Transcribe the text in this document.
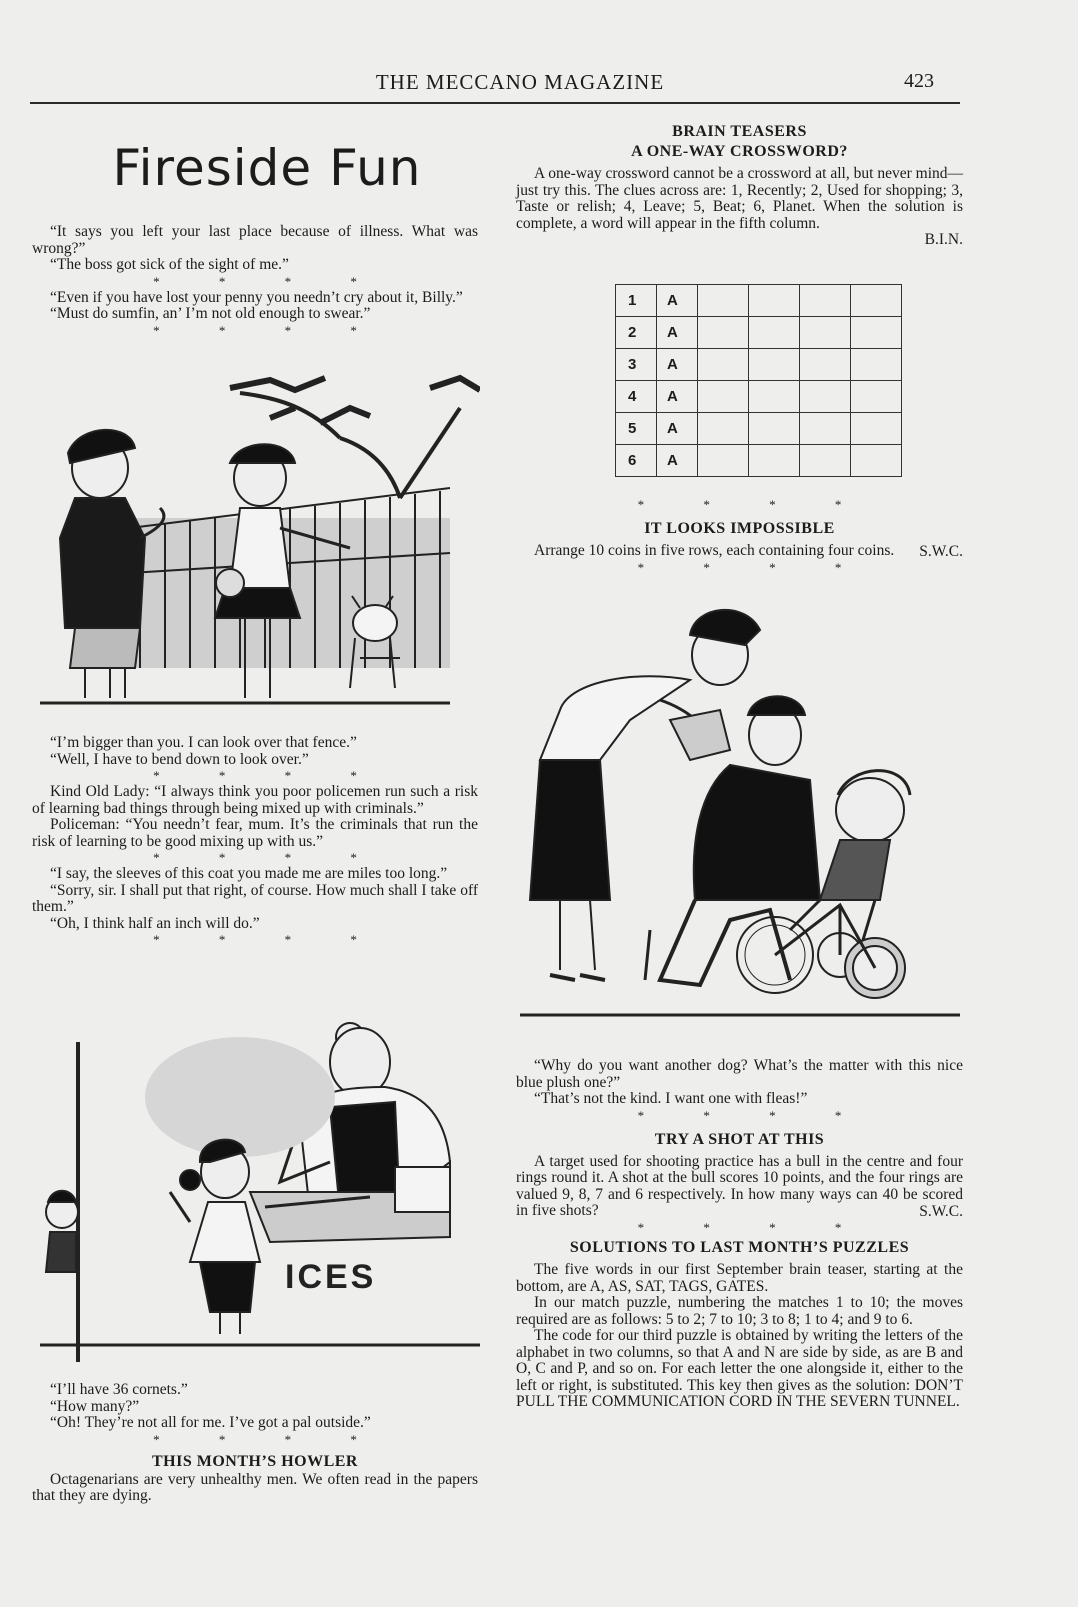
THE MECCANO MAGAZINE	423
Fireside Fun

“It says you left your last place because of illness. What was wrong?”

“The boss got sick of the sight of me.”

* * * *

“Even if you have lost your penny you needn’t cry about it, Billy.”

“Must do sumfin, an’ I’m not old enough to swear.”

* * * *

“I’m bigger than you. I can look over that fence.”

“Well, I have to bend down to look over.”

* * * *

Kind Old Lady: “I always think you poor policemen run such a risk of learning bad things through being mixed up with criminals.”

Policeman: “You needn’t fear, mum. It’s the criminals that run the risk of learning to be good mixing up with us.”

* * * *

“I say, the sleeves of this coat you made me are miles too long.”

“Sorry, sir. I shall put that right, of course. How much shall I take off them.”

“Oh, I think half an inch will do.”

* * * *
ICES

“I’ll have 36 cornets.”

“How many?”

“Oh! They’re not all for me. I’ve got a pal outside.”

* * * *
THIS MONTH’S HOWLER

Octagenarians are very unhealthy men. We often read in the papers that they are dying.

BRAIN TEASERS
A ONE-WAY CROSSWORD?

A one-way crossword cannot be a crossword at all, but never mind—just try this. The clues across are: 1, Recently; 2, Used for shopping; 3, Taste or relish; 4, Leave; 5, Beat; 6, Planet. When the solution is complete, a word will appear in the fifth column.

B.I.N.
1	A				
2	A				
3	A				
4	A				
5	A				
6	A				
* * * *
IT LOOKS IMPOSSIBLE

Arrange 10 coins in five rows, each containing four coins.	S.W.C.
* * * *

“Why do you want another dog? What’s the matter with this nice blue plush one?”

“That’s not the kind. I want one with fleas!”

* * * *
TRY A SHOT AT THIS

A target used for shooting practice has a bull in the centre and four rings round it. A shot at the bull scores 10 points, and the four rings are valued 9, 8, 7 and 6 respectively. In how many ways can 40 be scored in five shots?	S.W.C.
* * * *
SOLUTIONS TO LAST MONTH’S PUZZLES

The five words in our first September brain teaser, starting at the bottom, are A, AS, SAT, TAGS, GATES.

In our match puzzle, numbering the matches 1 to 10; the moves required are as follows: 5 to 2; 7 to 10; 3 to 8; 1 to 4; and 9 to 6.

The code for our third puzzle is obtained by writing the letters of the alphabet in two columns, so that A and N are side by side, as are B and O, C and P, and so on. For each letter the one alongside it, either to the left or right, is substituted. This key then gives as the solution: DON’T PULL THE COMMUNICATION CORD IN THE SEVERN TUNNEL.
